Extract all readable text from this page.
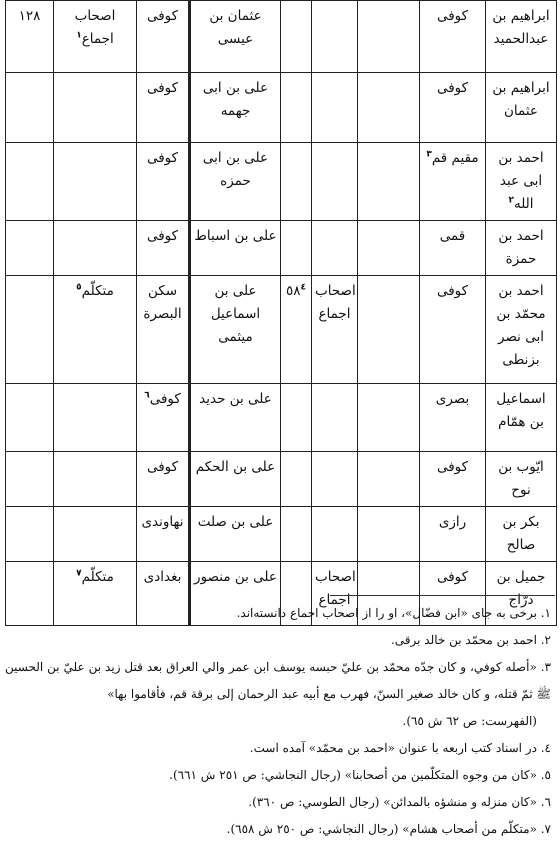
١٢٨	اصحاب اجماع$^١$	کوفی	عثمان بن عیسی				کوفی	ابراهیم بن عبدالحمید
		کوفی	علی بن ابی جهمه				کوفی	ابراهیم بن عثمان
		کوفی	علی بن ابی حمزه				مقیم قم$^٣$	احمد بن ابی عبد الله$^٢$
		کوفی	علی بن اسباط				قمی	احمد بن حمزة
	متکلّم$^٥$	سکن البصرة	علی بن اسماعیل میثمی	$٥٨^٤$	اصحاب اجماع		کوفی	احمد بن محمّد بن ابی نصر بزنطی
		کوفی$^٦$	علی بن حدید				بصری	اسماعیل بن همّام
		کوفی	علی بن الحکم				کوفی	ایّوب بن نوح
		نهاوندی	علی بن صلت				رازی	بکر بن صالح
	متکلّم$^٧$	بغدادی	علی بن منصور		اصحاب اجماع		کوفی	جمیل بن درّاج
١. برخی به جای «ابن فضّال»، او را از اصحاب اجماع دانسته‌اند.
٢. احمد بن محمّد بن خالد برقی.
٣. «أصله کوفي، و کان جدّه محمّد بن عليّ حبسه یوسف ابن عمر والي العراق بعد قتل زید بن عليّ بن الحسین ﷺ ثمّ قتله، و کان خالد صغیر السنّ، فهرب مع أبیه عبد الرحمان إلی برقة قم، فأقاموا بها»
(الفهرست: ص ٦٢ ش ٦٥).
٤. در اسناد کتب اربعه با عنوان «احمد بن محمّد» آمده است.
٥. «کان من وجوه المتکلّمین من أصحابنا» (رجال النجاشي: ص ٢٥١ ش ٦٦١).
٦. «کان منزله و منشؤه بالمدائن» (رجال الطوسي: ص ٣٦٠).
٧. «متکلّم من أصحاب هشام» (رجال النجاشي: ص ٢٥٠ ش ٦٥٨).
